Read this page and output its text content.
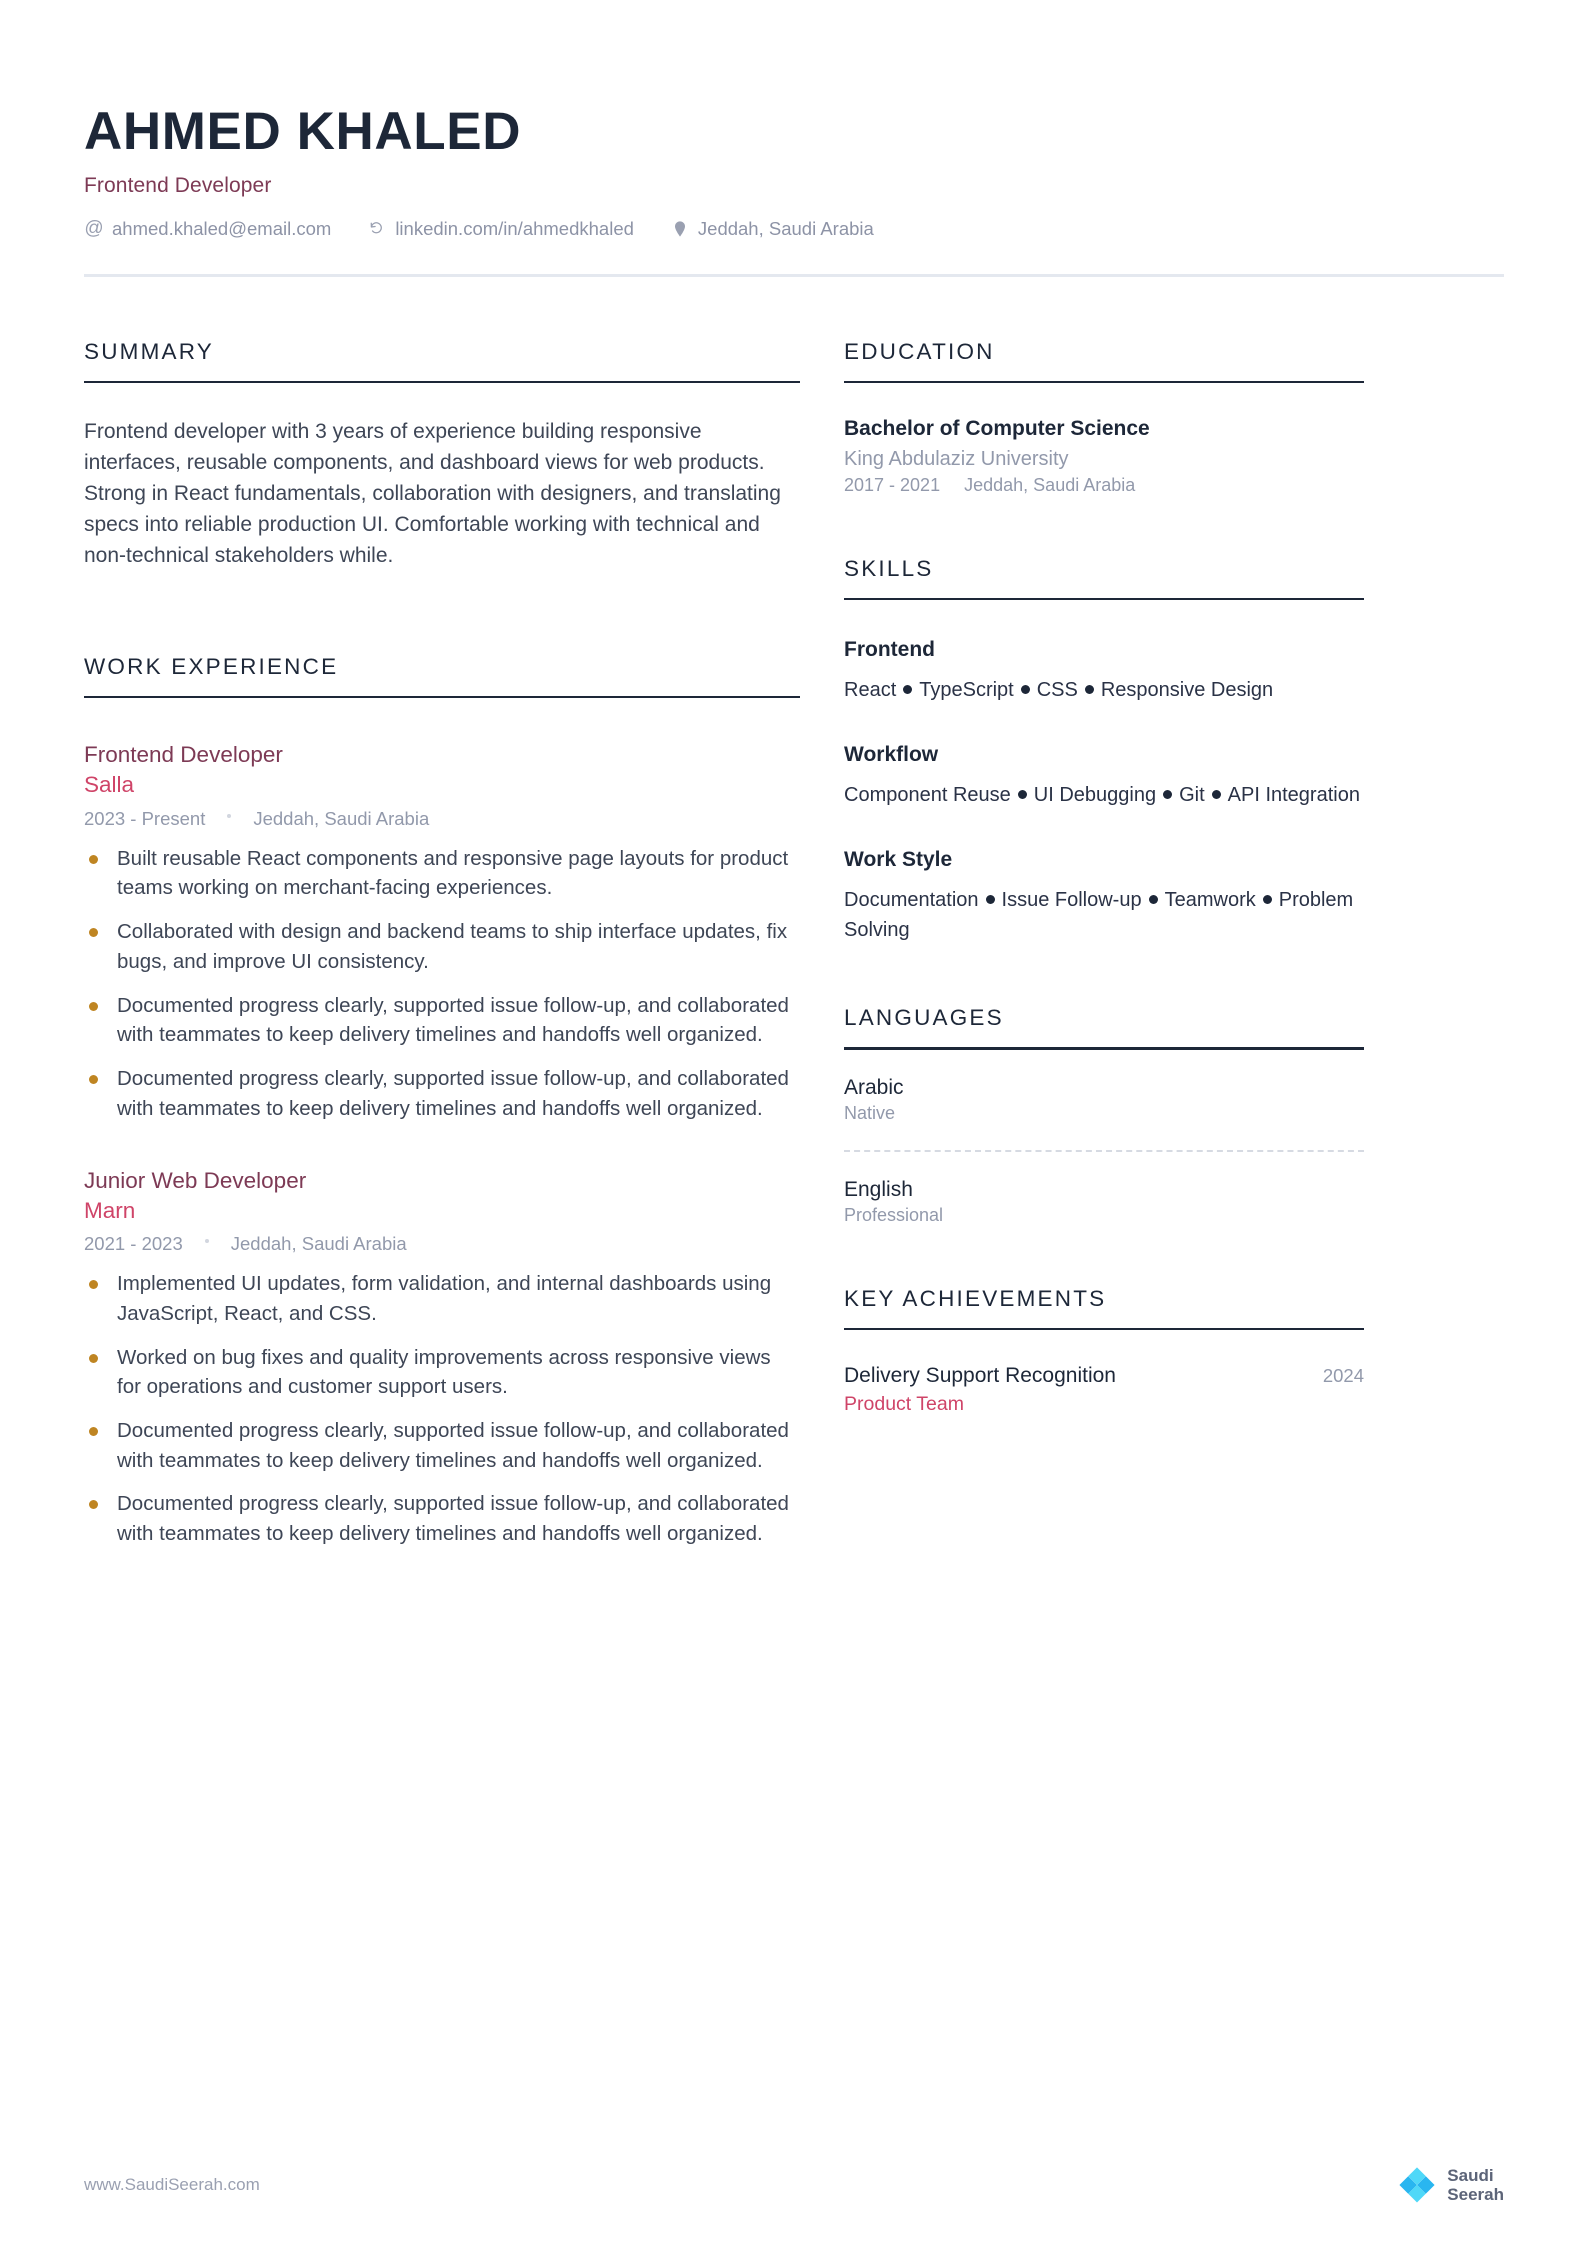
AHMED KHALED
Frontend Developer
@ ahmed.khaled@email.com	linkedin.com/in/ahmedkhaled	Jeddah, Saudi Arabia
SUMMARY

Frontend developer with 3 years of experience building responsive interfaces, reusable components, and dashboard views for web products. Strong in React fundamentals, collaboration with designers, and translating specs into reliable production UI. Comfortable working with technical and non-technical stakeholders while.

WORK EXPERIENCE
Frontend Developer
Salla
2023 - Present	Jeddah, Saudi Arabia
Built reusable React components and responsive page layouts for product teams working on merchant-facing experiences.
Collaborated with design and backend teams to ship interface updates, fix bugs, and improve UI consistency.
Documented progress clearly, supported issue follow-up, and collaborated with teammates to keep delivery timelines and handoffs well organized.
Documented progress clearly, supported issue follow-up, and collaborated with teammates to keep delivery timelines and handoffs well organized.
Junior Web Developer
Marn
2021 - 2023	Jeddah, Saudi Arabia
Implemented UI updates, form validation, and internal dashboards using JavaScript, React, and CSS.
Worked on bug fixes and quality improvements across responsive views for operations and customer support users.
Documented progress clearly, supported issue follow-up, and collaborated with teammates to keep delivery timelines and handoffs well organized.
Documented progress clearly, supported issue follow-up, and collaborated with teammates to keep delivery timelines and handoffs well organized.
EDUCATION
Bachelor of Computer Science
King Abdulaziz University
2017 - 2021 Jeddah, Saudi Arabia
SKILLS
Frontend
React TypeScript CSS Responsive Design
Workflow
Component Reuse UI Debugging Git API Integration
Work Style
Documentation Issue Follow-up Teamwork Problem Solving
LANGUAGES
Arabic
Native
English
Professional
KEY ACHIEVEMENTS
Delivery Support Recognition	2024
Product Team
www.SaudiSeerah.com	Saudi
Seerah
